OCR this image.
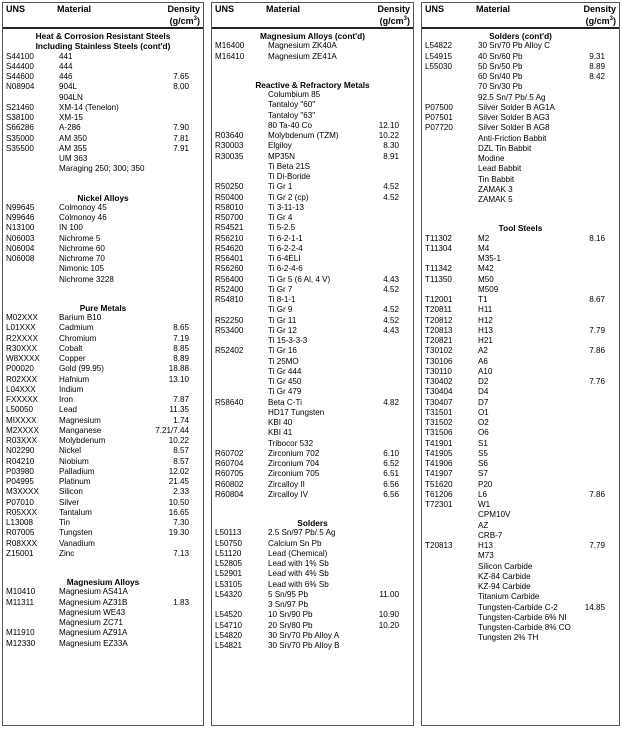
UNS	Material	Density
$(g/cm^3)$
Heat & Corrosion Resistant Steels
Including Stainless Steels (cont'd)
S44100	441
S44400	444
S44600	446	7.65
N08904	904L	8.00
904LN
S21460	XM-14 (Tenelon)
S38100	XM-15
S66286	A-286	7.90
S35000	AM 350	7.81
S35500	AM 355	7.91
UM 363
Maraging 250; 300; 350
Nickel Alloys
N99645	Colmonoy 45
N99646	Colmonoy 46
N13100	IN 100
N06003	Nichrome 5
N06004	Nichrome 60
N06008	Nichrome 70
Nimonic 105
Nichrome 3228
Pure Metals
M02XXX	Barium B10
L01XXX	Cadmium	8.65
R2XXXX	Chromium	7.19
R30XXX	Cobalt	8.85
W8XXXX Copper	8.89
P00020	Gold (99.95)	18.88
R02XXX	Hafnium	13.10
L04XXX	Indium
FXXXXX	Iron	7.87
L50050	Lead	11.35
MIXXXX	Magnesium	1.74
M2XXXX Manganese	7.21/7.44
R03XXX	Molybdenum	10.22
N02290	Nickel	8.57
R04210	Niobium	8.57
P03980	Palladium	12.02
P04995	Platinum	21.45
M3XXXX Silicon	2.33
P07010	Silver	10.50
R05XXX	Tantalum	16.65
L13008	Tin	7.30
R07005	Tungsten	19.30
R08XXX	Vanadium
Z15001	Zinc	7.13
Magnesium Alloys
M10410	Magnesium AS41A
M11311	Magnesium AZ31B	1.83
Magnesium WE43
Magnesium ZC71
M11910	Magnesium AZ91A
M12330	Magnesium EZ33A
UNS	Material	Density
$(g/cm^3)$
Magnesium Alloys (cont'd)
M16400	Magnesium ZK40A
M16410	Magnesium ZE41A
Reactive & Refractory Metals
Columbium 85
Tantaloy "60"
Tantaloy "63"
80 Ta-40 Co	12.10
R03640	Molybdenum (TZM)	10.22
R30003	Elgiloy	8.30
R30035	MP35N	8.91
Ti Beta 21S
Ti Di-Boride
R50250	Ti Gr 1	4.52
R50400	Ti Gr 2 (cp)	4.52
R58010	Ti 3-11-13
R50700	Ti Gr 4
R54521	Ti 5-2.5
R56210	Ti 6-2-1-1
R54620	Ti 6-2-2-4
R56401	Ti 6-4ELI
R56260	Ti 6-2-4-6
R56400	Ti Gr 5 (6 Al, 4 V)	4.43
R52400	Ti Gr 7	4.52
R54810	Ti 8-1-1
Ti Gr 9	4.52
R52250	Ti Gr 11	4.52
R53400	Ti Gr 12	4.43
Ti 15-3-3-3
R52402	Ti Gr 16
Ti 25MO
Ti Gr 444
Ti Gr 450
Ti Gr 479
R58640	Beta C-Ti	4.82
HD17 Tungsten
KBI 40
KBI 41
Tribocor 532
R60702	Zirconium 702	6.10
R60704	Zirconium 704	6.52
R60705	Zirconium 705	6.51
R60802	Zircalloy II	6.56
R60804	Zircalloy IV	6.56
Solders
L50113	2.5 Sn/97 Pb/.5 Ag
L50750	Calcium Sn Pb
L51120	Lead (Chemical)
L52805	Lead with 1% Sb
L52901	Lead with 4% Sb
L53105	Lead with 6% Sb
L54320	5 Sn/95 Pb	11.00
3 Sn/97 Pb
L54520	10 Sn/90 Pb	10.90
L54710	20 Sn/80 Pb	10.20
L54820	30 Sn/70 Pb Alloy A
L54821	30 Sn/70 Pb Alloy B
UNS	Material	Density
$(g/cm^3)$
Solders (cont'd)
L54822	30 Sn/70 Pb Alloy C
L54915	40 Sn/60 Pb	9.31
L55030	50 Sn/50 Pb	8.89
60 Sn/40 Pb	8.42
70 Sn/30 Pb
92.5 Sn/7 Pb/.5 Ag
P07500	Silver Solder B AG1A
P07501	Silver Solder B AG3
P07720	Silver Solder B AG8
Anti-Friction Babbit
DZL Tin Babbit
Modine
Lead Babbit
Tin Babbit
ZAMAK 3
ZAMAK 5
Tool Steels
T11302	M2	8.16
T11304	M4
M35-1
T11342	M42
T11350	M50
M509
T12001	T1	8.67
T20811	H11
T20812	H12
T20813	H13	7.79
T20821	H21
T30102	A2	7.86
T30106	A6
T30110	A10
T30402	D2	7.76
T30404	D4
T30407	D7
T31501	O1
T31502	O2
T31506	O6
T41901	S1
T41905	S5
T41906	S6
T41907	S7
T51620	P20
T61206	L6	7.86
T72301	W1
CPM10V
AZ
CRB-7
T20813	H13	7.79
M73
Silicon Carbide
KZ-84 Carbide
KZ-94 Carbide
Titanium Carbide
Tungsten-Carbide C-2	14.85
Tungsten-Carbide 6% NI
Tungsten-Carbide 8% CO
Tungsten 2% TH
